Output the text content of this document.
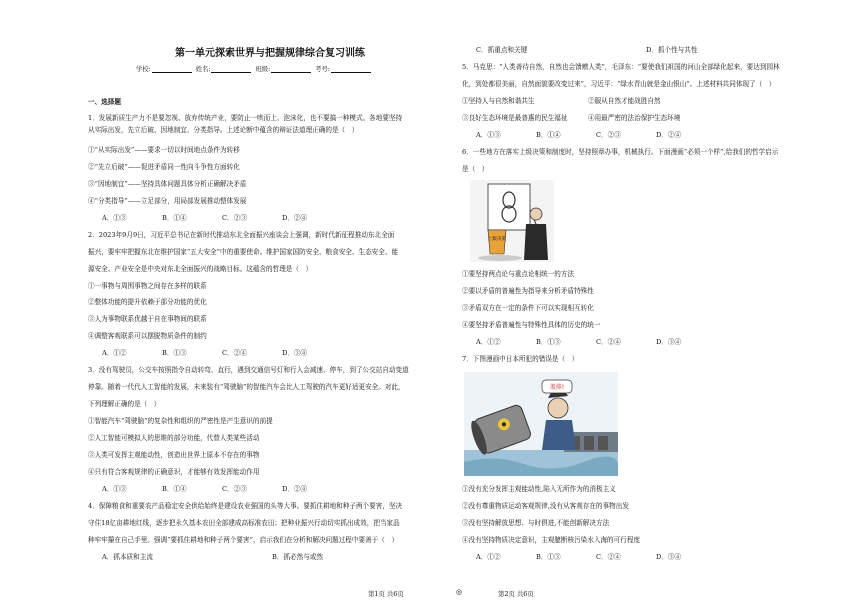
第一单元探索世界与把握规律综合复习训练
学校:	姓名:	班级:	考号:
一、选择题
1．发展新质生产力不是要忽视、放弃传统产业，要防止一哄而上、泡沫化，也不要搞一种模式。各地要坚持
从实际出发，先立后破、因地制宜、分类指导。上述论断中蕴含的辩证法道理正确的是（　）
①“从实际出发”——要求一切以时间地点条件为转移
②“先立后破”——促进矛盾同一性向斗争性方面转化
③“因地制宜”——坚持具体问题具体分析正确解决矛盾
④“分类指导”——立足部分，用局部发展推动整体发展
A．①③	B．①④	C．②③	D．②④
2．2023年9月9日，习近平总书记在新时代推动东北全面振兴座谈会上强调，新时代新征程推动东北全面
振兴，要牢牢把握东北在维护国家“五大安全”中的重要使命。维护国家国防安全、粮食安全、生态安全、能
源安全、产业安全是中央对东北全面振兴的战略目标。这蕴含的哲理是（　）
①一事物与周围事物之间存在多样的联系
②整体功能的提升依赖于部分功能的优化
③人为事物联系优越于自在事物间的联系
④调整客观联系可以摆脱物质条件的制约
A．①②	B．①③	C．②④	D．③④
3．没有驾驶员，公交车按照指令自动转弯、直行，遇到交通信号灯和行人会减速、停车，到了公交站自动变道
停靠。随着一代代人工智能的发展，未来装有“驾驶脑”的智能汽车会比人工驾驶的汽车更好适更安全。对此，
下列理解正确的是（　）
①智能汽车“驾驶脑”的复杂性和组织的严密性是产生意识的前提
②人工智能可模拟人的思维的部分功能，代替人类某些活动
③人类可发挥主观能动性，创造出世界上原本不存在的事物
④只有符合客观规律的正确意识，才能够有效发挥能动作用
A．①③	B．①④	C．②③	D．②④
4．保障粮食和重要农产品稳定安全供给始终是建设农业强国的头等大事。要抓住耕地和种子两个要害，坚决
守住18亿亩耕地红线，逐步把永久基本农田全部建成高标准农田；把种业振兴行动切实抓出成效，把当家品
种牢牢攥在自己手里。强调“要抓住耕地和种子两个要害”，启示我们在分析和解决问题过程中要善于（　）
A．抓本质和主流	B．抓必然与或然
C．抓重点和关键	D．抓个性与共性
5．马克思：“人类善待自然，自然也会馈赠人类”，毛泽东：“要使我们祖国的河山全部绿化起来，要达到园林
化，到处都很美丽，自然面貌要改变过来”，习近平：“绿水青山就是金山银山”。上述材料共同体现了（　）
①坚持人与自然和谐共生	②服从自然才能战胜自然
③良好生态环境是最普惠的民生福祉	④用最严密的法治保护生态环境
A．①③	B．①④	C．②③	D．②④
6．一些地方在落实上级决策和制度时，坚持照章办事，机械执行。下面漫画“必须一个样”,给我们的哲学启示
是（　）
上级决策
①要坚持两点论与重点论相统一的方法
②要以矛盾的普遍性为指导来分析矛盾特殊性
③矛盾双方在一定的条件下可以实现相互转化
④要坚持矛盾普遍性与特殊性具体的历史的统一
A．①②	B．①③	C．②④	D．③④
7．下图漫画中日本所犯的错误是（　）
盖排!
①没有充分发挥主观能动性,陷入无所作为的消极主义
②没有尊重物质运动客观规律,没有从客观存在的事物出发
③没有坚持解放思想、与时俱进,不能创新解决方法
④没有坚持物质决定意识，主观臆断核污染水入海的可行程度
A．①②	B．①③	C．②④	D．③④
第1页 共6页	◎	第2页 共6页
